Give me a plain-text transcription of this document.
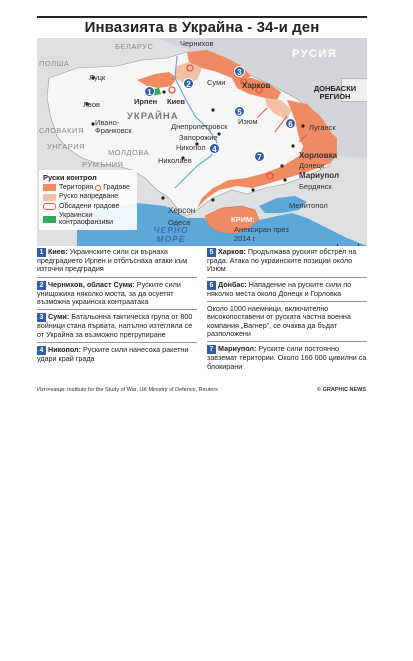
Инвазията в Украйна - 34-и ден
БЕЛАРУС
РУСИЯ
ПОЛША
УКРАЙНА
СЛОВАКИЯ
УНГАРИЯ
МОЛДОВА
РУМЪНИЯ
ЧЕРНО МОРЕ
ДОНБАСКИ РЕГИОН
Чернихов
Суми Харков
Изюм
Луцк
Лвов
Ивано-Франковск
Ирпен Киев
Днепропетровск
Запорожие
Никопол
Николаев
Луганск
Хорловка
Донецк
Мариупол
Бердянск
Мелитопол
Херсон
Одеса	КРИМ:
Анексиран през 2014 г
1
2
3
4
5
6
7
Руски контрол
Територия Градове
Руско напредване
Обсадени градове
Украински контраофанзиви
1 Киев: Украинските сили си върнаха предградието Ирпен и отблъснаха атаки към източни предградия
2 Чернихов, област Суми: Руските сили унищожиха няколко моста, за да осуетят възможна украинска контраатака
3 Суми: Батальонна тактическа група от 800 войници стана първата, напълно изтеглила се от Украйна за възможно прегрупиране
4 Никопол: Руските сили нанесоха ракетни удари край града
5 Харков: Продължава руският обстрел на града. Атака по украинските позиции около Изюм
6 Донбас: Нападение на руските сили по няколко места около Донецк и Горловка
Около 1000 наемници, включително високопоставени от руската частна военна компания „Вагнер", се очаква да бъдат разположени
7 Мариупол: Руските сили постоянно завземат територии. Около 160 000 цивилни са блокирани
Източници: Institute for the Study of War, UK Ministry of Defence, Reuters	© GRAPHIC NEWS
